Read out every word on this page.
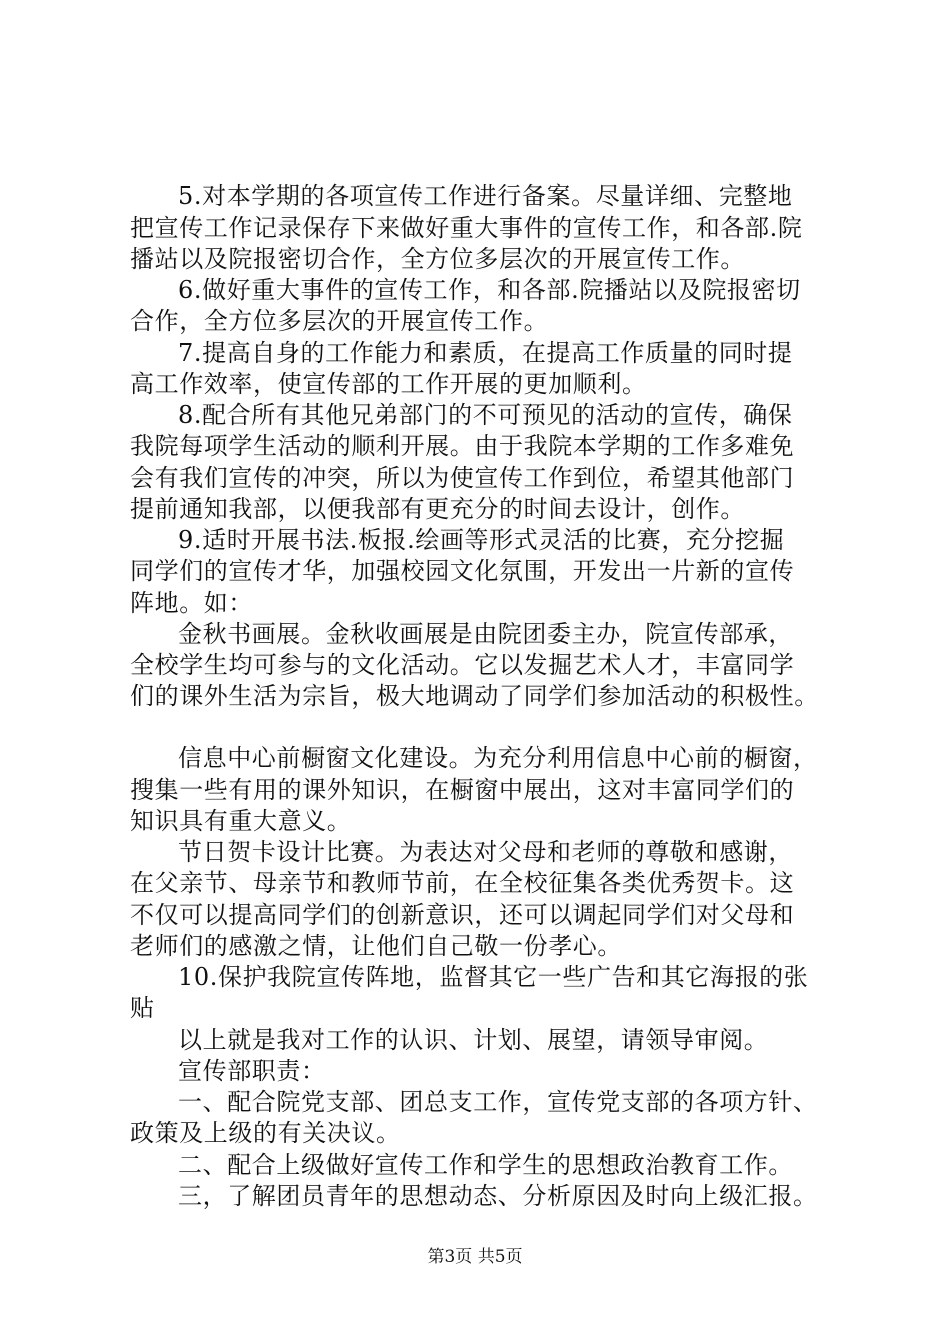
5.对本学期的各项宣传工作进行备案。尽量详细、完整地
把宣传工作记录保存下来做好重大事件的宣传工作，和各部.院
播站以及院报密切合作，全方位多层次的开展宣传工作。
6.做好重大事件的宣传工作，和各部.院播站以及院报密切
合作，全方位多层次的开展宣传工作。
7.提高自身的工作能力和素质，在提高工作质量的同时提
高工作效率，使宣传部的工作开展的更加顺利。
8.配合所有其他兄弟部门的不可预见的活动的宣传，确保
我院每项学生活动的顺利开展。由于我院本学期的工作多难免
会有我们宣传的冲突，所以为使宣传工作到位，希望其他部门
提前通知我部，以便我部有更充分的时间去设计，创作。
9.适时开展书法.板报.绘画等形式灵活的比赛，充分挖掘
同学们的宣传才华，加强校园文化氛围，开发出一片新的宣传
阵地。如：
金秋书画展。金秋收画展是由院团委主办，院宣传部承，
全校学生均可参与的文化活动。它以发掘艺术人才，丰富同学
们的课外生活为宗旨，极大地调动了同学们参加活动的积极性。
信息中心前橱窗文化建设。为充分利用信息中心前的橱窗，
搜集一些有用的课外知识，在橱窗中展出，这对丰富同学们的
知识具有重大意义。
节日贺卡设计比赛。为表达对父母和老师的尊敬和感谢，
在父亲节、母亲节和教师节前，在全校征集各类优秀贺卡。这
不仅可以提高同学们的创新意识，还可以调起同学们对父母和
老师们的感激之情，让他们自己敬一份孝心。
10.保护我院宣传阵地，监督其它一些广告和其它海报的张
贴
以上就是我对工作的认识、计划、展望，请领导审阅。
宣传部职责：
一、配合院党支部、团总支工作，宣传党支部的各项方针、
政策及上级的有关决议。
二、配合上级做好宣传工作和学生的思想政治教育工作。
三，了解团员青年的思想动态、分析原因及时向上级汇报。
第3页 共5页
